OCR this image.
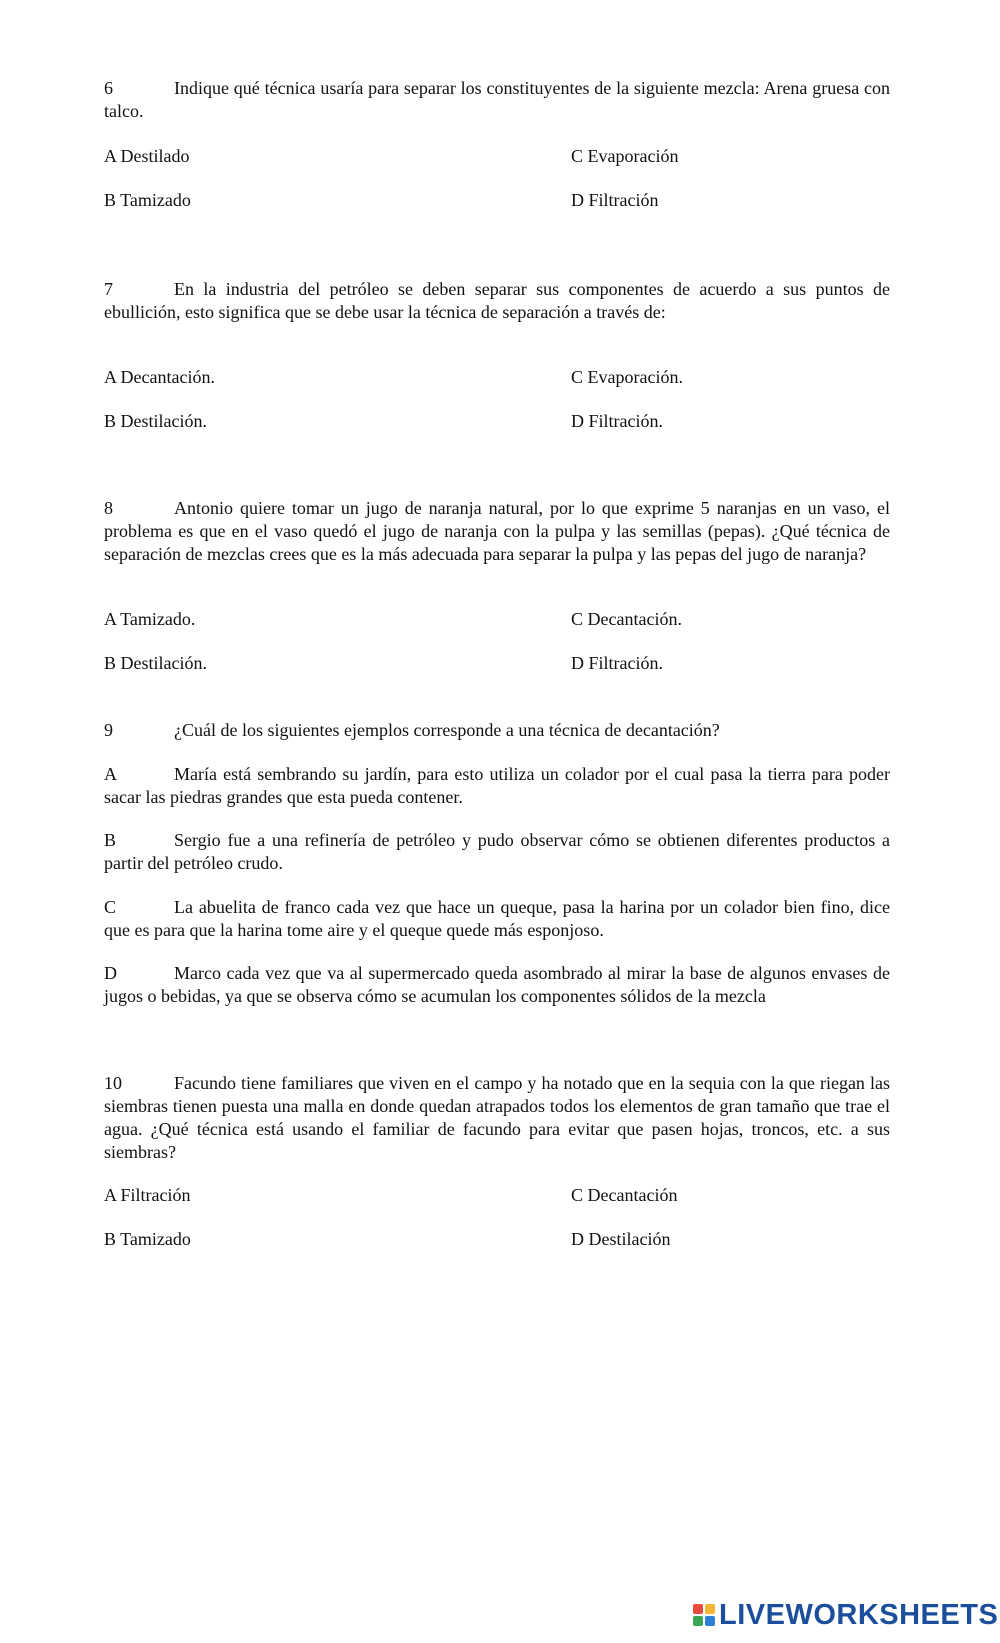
6	Indique qué técnica usaría para separar los constituyentes de la siguiente mezcla: Arena gruesa con talco.
A Destilado	C Evaporación
B Tamizado	D Filtración
7	En la industria del petróleo se deben separar sus componentes de acuerdo a sus puntos de ebullición, esto significa que se debe usar la técnica de separación a través de:
A Decantación.	C Evaporación.
B Destilación.	D Filtración.
8	Antonio quiere tomar un jugo de naranja natural, por lo que exprime 5 naranjas en un vaso, el problema es que en el vaso quedó el jugo de naranja con la pulpa y las semillas (pepas). ¿Qué técnica de separación de mezclas crees que es la más adecuada para separar la pulpa y las pepas del jugo de naranja?
A Tamizado.	C Decantación.
B Destilación.	D Filtración.
9	¿Cuál de los siguientes ejemplos corresponde a una técnica de decantación?
A	María está sembrando su jardín, para esto utiliza un colador por el cual pasa la tierra para poder sacar las piedras grandes que esta pueda contener.
B	Sergio fue a una refinería de petróleo y pudo observar cómo se obtienen diferentes productos a partir del petróleo crudo.
C	La abuelita de franco cada vez que hace un queque, pasa la harina por un colador bien fino, dice que es para que la harina tome aire y el queque quede más esponjoso.
D	Marco cada vez que va al supermercado queda asombrado al mirar la base de algunos envases de jugos o bebidas, ya que se observa cómo se acumulan los componentes sólidos de la mezcla
10	Facundo tiene familiares que viven en el campo y ha notado que en la sequia con la que riegan las siembras tienen puesta una malla en donde quedan atrapados todos los elementos de gran tamaño que trae el agua. ¿Qué técnica está usando el familiar de facundo para evitar que pasen hojas, troncos, etc. a sus siembras?
A Filtración	C Decantación
B Tamizado	D Destilación
LIVEWORKSHEETS
